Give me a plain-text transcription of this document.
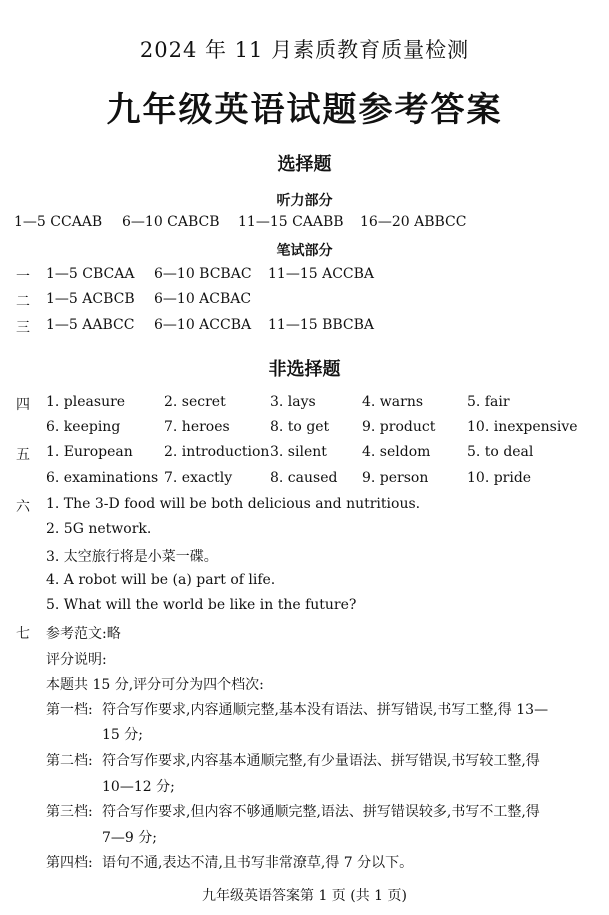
2024 年 11 月素质教育质量检测
九年级英语试题参考答案
选择题
听力部分
1—5 CCAAB 6—10 CABCB 11—15 CAABB 16—20 ABBCC
笔试部分
一 1—5 CBCAA 6—10 BCBAC 11—15 ACCBA
二 1—5 ACBCB 6—10 ACBAC
三 1—5 AABCC 6—10 ACCBA 11—15 BBCBA
非选择题
四 1. pleasure	2. secret	3. lays	4. warns	5. fair
6. keeping	7. heroes	8. to get 9. product 10. inexpensive
五 1. European 2. introduction 3. silent	4. seldom	5. to deal
6. examinations 7. exactly	8. caused 9. person	10. pride
六 1. The 3-D food will be both delicious and nutritious.
2. 5G network.
3. 太空旅行将是小菜一碟。
4. A robot will be (a) part of life.
5. What will the world be like in the future?
七 参考范文:略
评分说明:
本题共 15 分,评分可分为四个档次:
第一档: 符合写作要求,内容通顺完整,基本没有语法、拼写错误,书写工整,得 13—
15 分;
第二档: 符合写作要求,内容基本通顺完整,有少量语法、拼写错误,书写较工整,得
10—12 分;
第三档: 符合写作要求,但内容不够通顺完整,语法、拼写错误较多,书写不工整,得
7—9 分;
第四档: 语句不通,表达不清,且书写非常潦草,得 7 分以下。
九年级英语答案第 1 页 (共 1 页)
